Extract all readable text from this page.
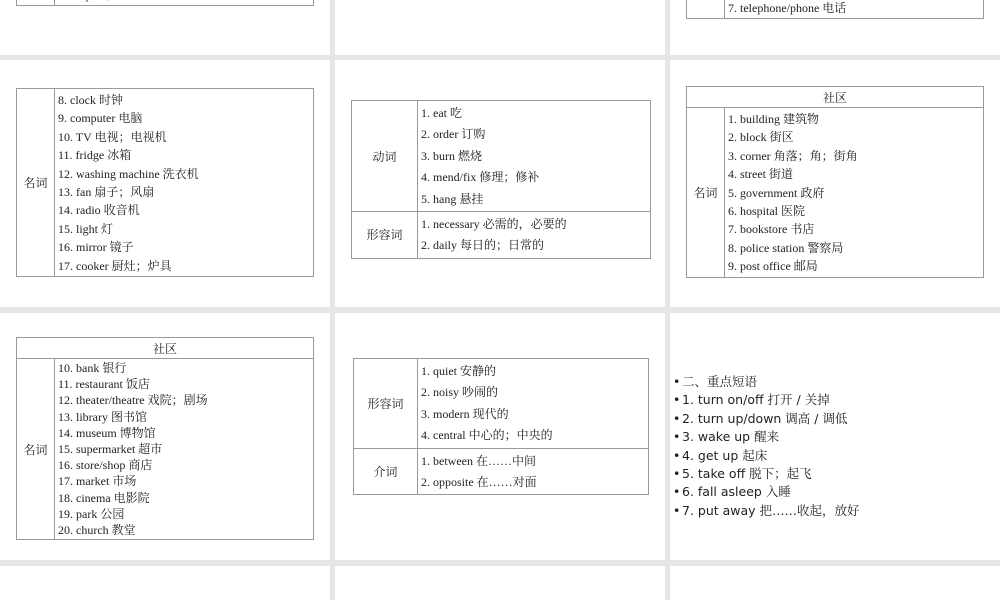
7. telephone/phone 电话
名词	
8. clock 时钟
9. computer 电脑
10. TV 电视；电视机
11. fridge 冰箱
12. washing machine 洗衣机
13. fan 扇子；风扇
14. radio 收音机
15. light 灯
16. mirror 镜子
17. cooker 厨灶；炉具
动词	1. eat 吃
2. order 订购
3. burn 燃烧
4. mend/fix 修理；修补
5. hang 悬挂

形容词	1. necessary 必需的，必要的
2. daily 每日的；日常的
社区
名词	
1. building 建筑物
2. block 街区
3. corner 角落；角；街角
4. street 街道
5. government 政府
6. hospital 医院
7. bookstore 书店
8. police station 警察局
9. post office 邮局
社区
名词	
10. bank 银行
11. restaurant 饭店
12. theater/theatre 戏院；剧场
13. library 图书馆
14. museum 博物馆
15. supermarket 超市
16. store/shop 商店
17. market 市场
18. cinema 电影院
19. park 公园
20. church 教堂
形容词	1. quiet 安静的
2. noisy 吵闹的
3. modern 现代的
4. central 中心的；中央的

介词	1. between 在……中间
2. opposite 在……对面
• 二、重点短语
• 1. turn on/off 打开 / 关掉
• 2. turn up/down 调高 / 调低
• 3. wake up 醒来
• 4. get up 起床
• 5. take off 脱下；起飞
• 6. fall asleep 入睡
• 7. put away 把……收起，放好
